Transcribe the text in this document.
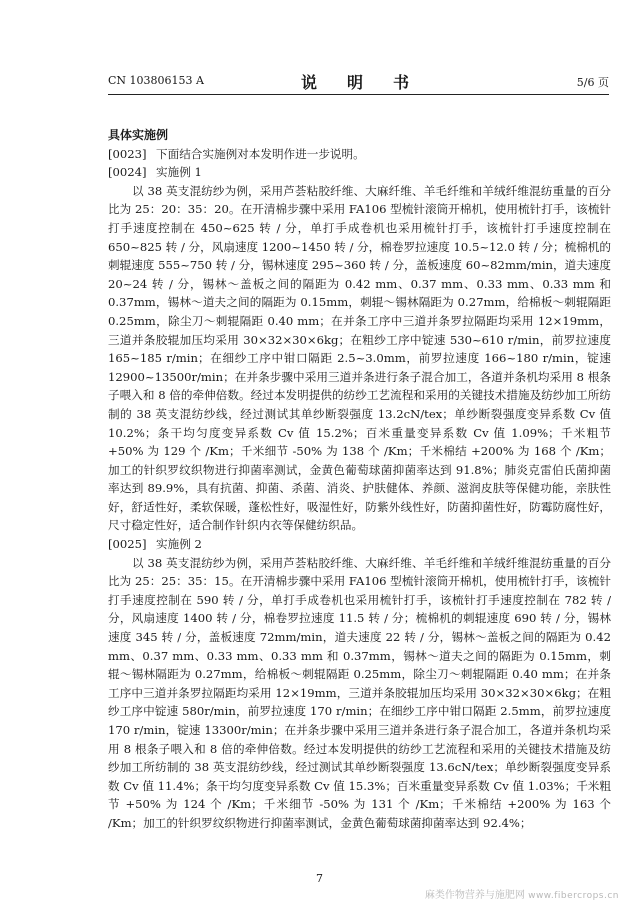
CN 103806153 A	说　明　书	5/6 页
具体实施例
[0023] 下面结合实施例对本发明作进一步说明。
[0024] 实施例 1

以 38 英支混纺纱为例，采用芦荟粘胶纤维、大麻纤维、羊毛纤维和羊绒纤维混纺重量的百分比为 25：20：35：20。在开清棉步骤中采用 FA106 型梳针滚筒开棉机，使用梳针打手，该梳针打手速度控制在 450~625 转 / 分，单打手成卷机也采用梳针打手，该梳针打手速度控制在 650~825 转 / 分，风扇速度 1200~1450 转 / 分，棉卷罗拉速度 10.5~12.0 转 / 分；梳棉机的刺辊速度 555~750 转 / 分，锡林速度 295~360 转 / 分，盖板速度 60~82mm/min，道夫速度 20~24 转 / 分，锡林～盖板之间的隔距为 0.42 mm、0.37 mm、0.33 mm、0.33 mm 和 0.37mm，锡林～道夫之间的隔距为 0.15mm，刺辊～锡林隔距为 0.27mm，给棉板～刺辊隔距 0.25mm，除尘刀～刺辊隔距 0.40 mm；在并条工序中三道并条罗拉隔距均采用 12×19mm，三道并条胶辊加压均采用 30×32×30×6kg；在粗纱工序中锭速 530~610 r/min，前罗拉速度 165~185 r/min；在细纱工序中钳口隔距 2.5~3.0mm，前罗拉速度 166~180 r/min，锭速 12900~13500r/min；在并条步骤中采用三道并条进行条子混合加工，各道并条机均采用 8 根条子喂入和 8 倍的牵伸倍数。经过本发明提供的纺纱工艺流程和采用的关键技术措施及纺纱加工所纺制的 38 英支混纺纱线，经过测试其单纱断裂强度 13.2cN/tex；单纱断裂强度变异系数 Cv 值 10.2%；条干均匀度变异系数 Cv 值 15.2%；百米重量变异系数 Cv 值 1.09%；千米粗节 +50% 为 129 个 /Km；千米细节 -50% 为 138 个 /Km；千米棉结 +200% 为 168 个 /Km；加工的针织罗纹织物进行抑菌率测试，金黄色葡萄球菌抑菌率达到 91.8%；肺炎克雷伯氏菌抑菌率达到 89.9%，具有抗菌、抑菌、杀菌、消炎、护肤健体、养颜、滋润皮肤等保健功能，亲肤性好，舒适性好，柔软保暖，蓬松性好，吸湿性好，防紫外线性好，防菌抑菌性好，防霉防腐性好，尺寸稳定性好，适合制作针织内衣等保健纺织品。

[0025] 实施例 2

以 38 英支混纺纱为例，采用芦荟粘胶纤维、大麻纤维、羊毛纤维和羊绒纤维混纺重量的百分比为 25：25：35：15。在开清棉步骤中采用 FA106 型梳针滚筒开棉机，使用梳针打手，该梳针打手速度控制在 590 转 / 分，单打手成卷机也采用梳针打手，该梳针打手速度控制在 782 转 / 分，风扇速度 1400 转 / 分，棉卷罗拉速度 11.5 转 / 分；梳棉机的刺辊速度 690 转 / 分，锡林速度 345 转 / 分，盖板速度 72mm/min，道夫速度 22 转 / 分，锡林～盖板之间的隔距为 0.42 mm、0.37 mm、0.33 mm、0.33 mm 和 0.37mm，锡林～道夫之间的隔距为 0.15mm，刺辊～锡林隔距为 0.27mm，给棉板～刺辊隔距 0.25mm，除尘刀～刺辊隔距 0.40 mm；在并条工序中三道并条罗拉隔距均采用 12×19mm，三道并条胶辊加压均采用 30×32×30×6kg；在粗纱工序中锭速 580r/min，前罗拉速度 170 r/min；在细纱工序中钳口隔距 2.5mm，前罗拉速度 170 r/min，锭速 13300r/min；在并条步骤中采用三道并条进行条子混合加工，各道并条机均采用 8 根条子喂入和 8 倍的牵伸倍数。经过本发明提供的纺纱工艺流程和采用的关键技术措施及纺纱加工所纺制的 38 英支混纺纱线，经过测试其单纱断裂强度 13.6cN/tex；单纱断裂强度变异系数 Cv 值 11.4%；条干均匀度变异系数 Cv 值 15.3%；百米重量变异系数 Cv 值 1.03%；千米粗节 +50% 为 124 个 /Km；千米细节 -50% 为 131 个 /Km；千米棉结 +200% 为 163 个 /Km；加工的针织罗纹织物进行抑菌率测试，金黄色葡萄球菌抑菌率达到 92.4%；

7
麻类作物营养与施肥网 www.fibercrops.cn
